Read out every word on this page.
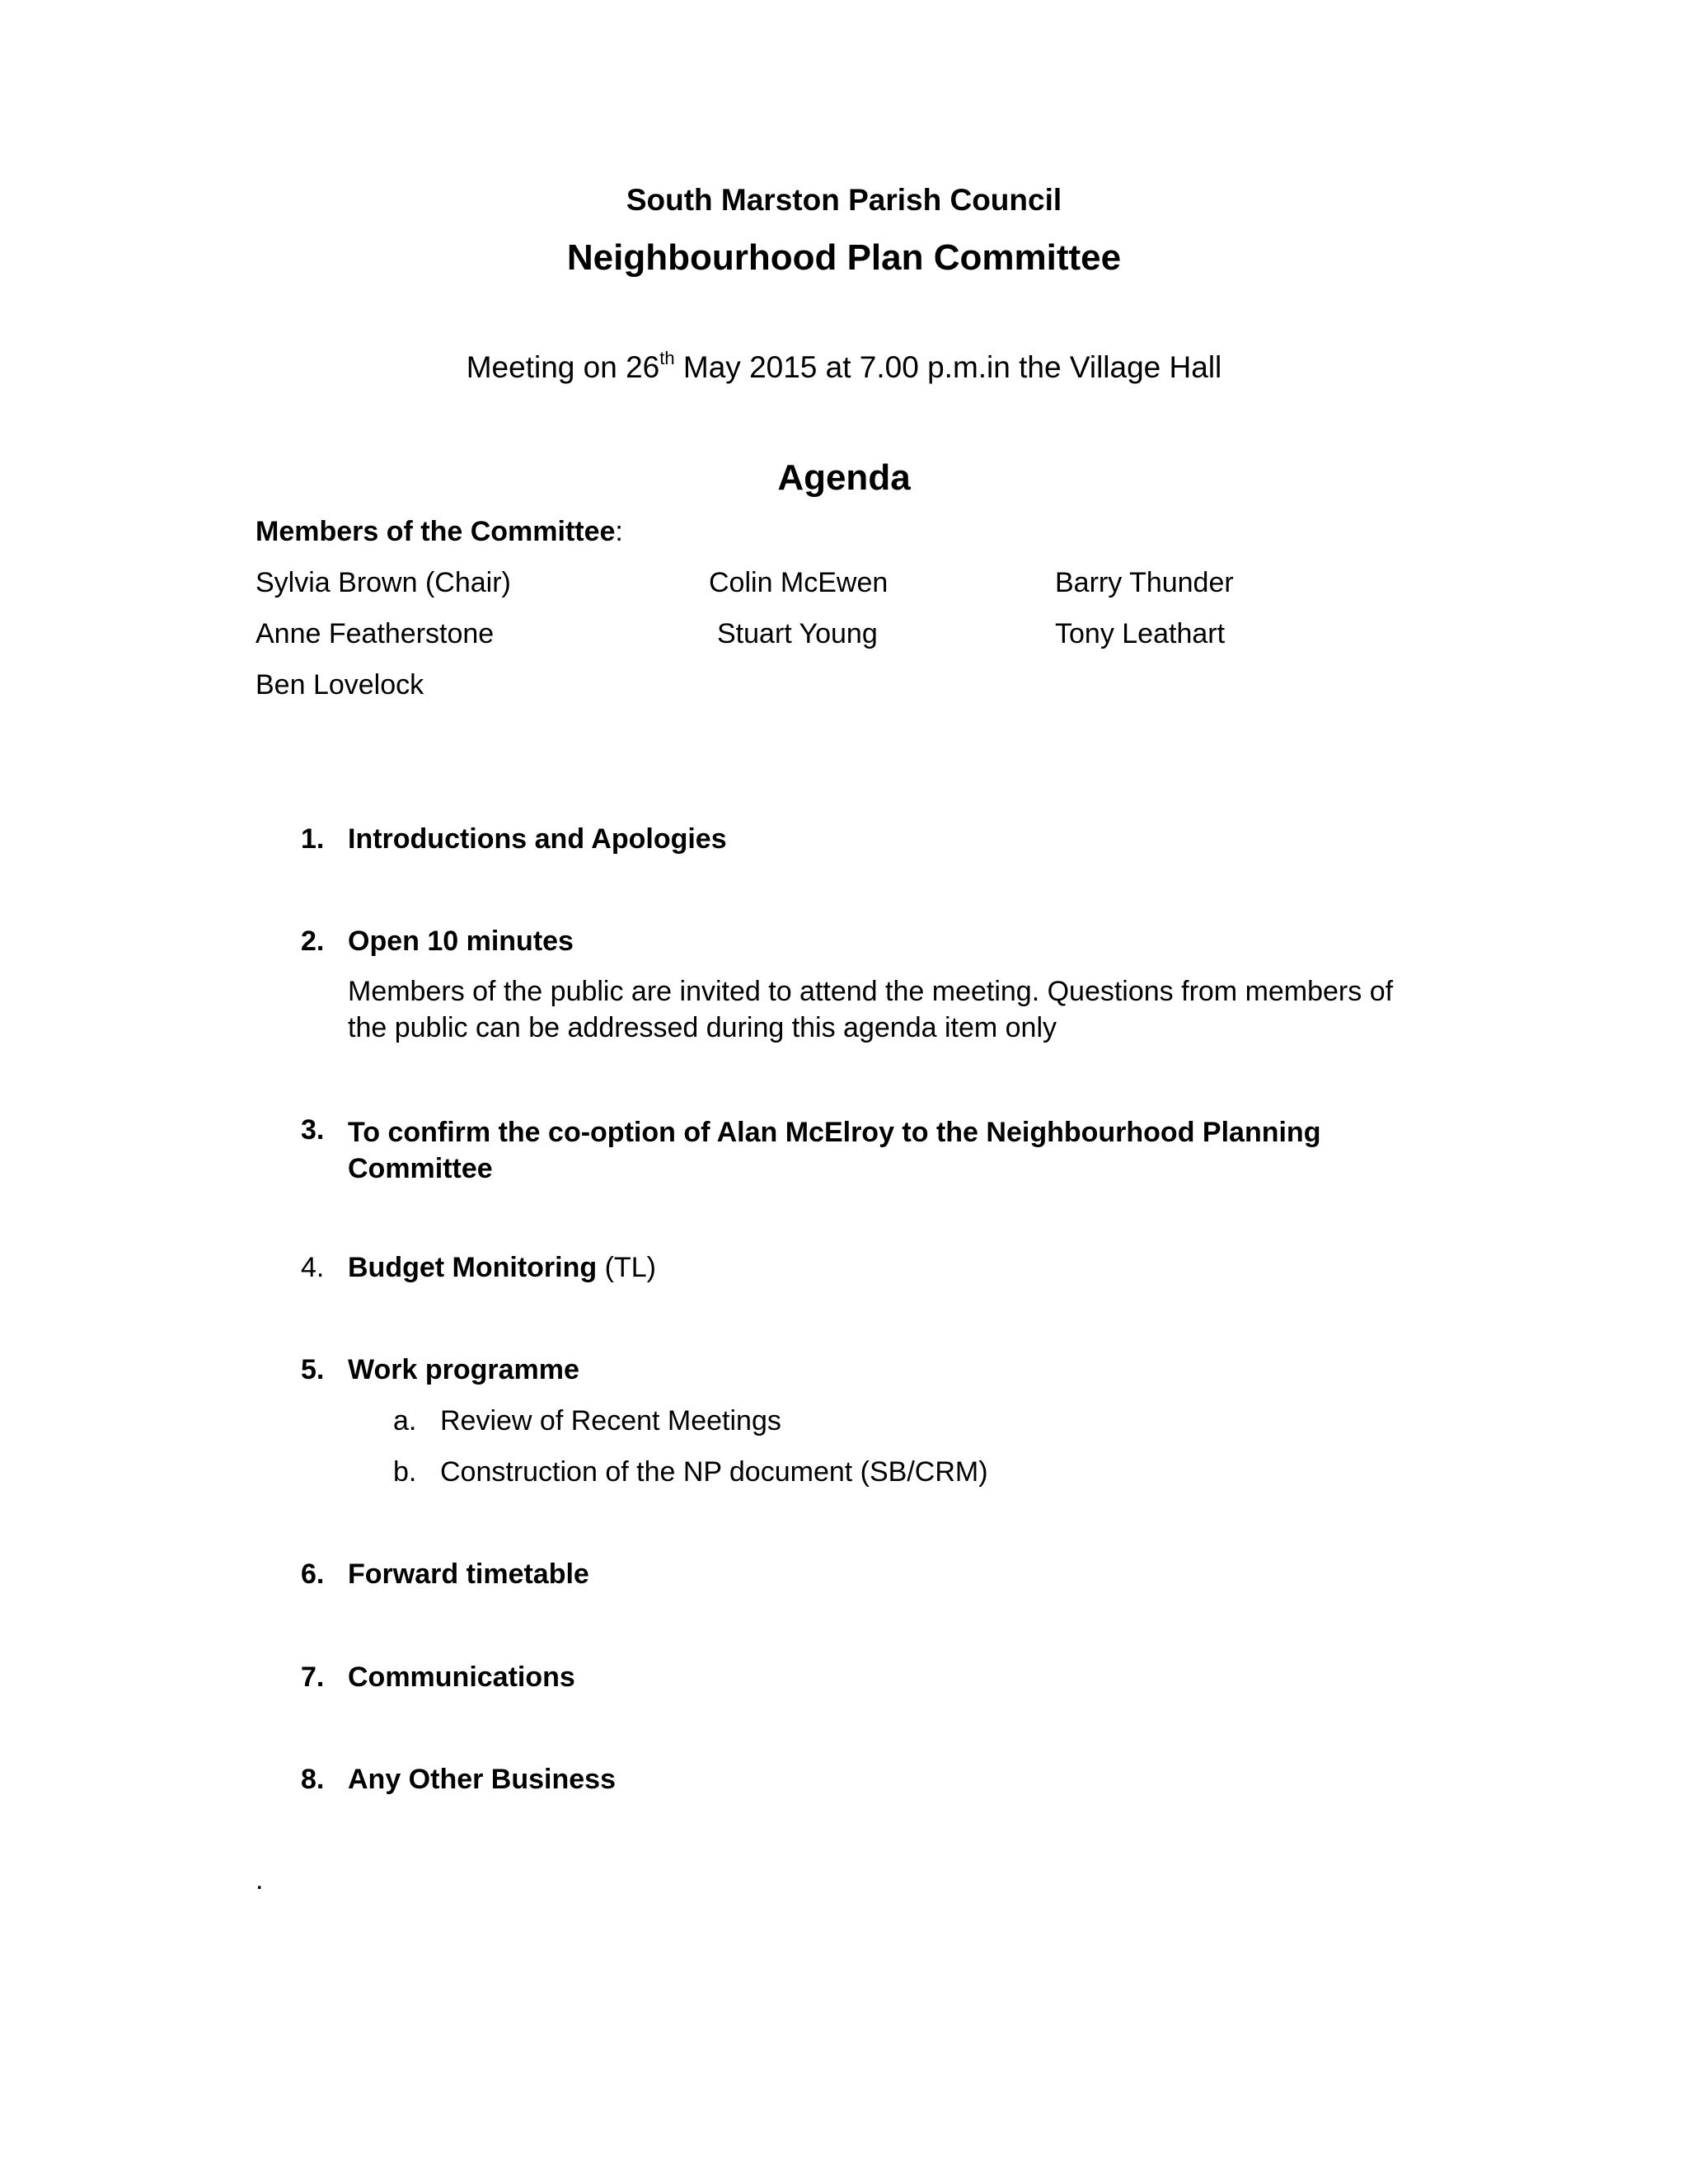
South Marston Parish Council
Neighbourhood Plan Committee
Meeting on 26th May 2015 at 7.00 p.m.in the Village Hall
Agenda
Members of the Committee:
Sylvia Brown (Chair)	Colin McEwen	Barry Thunder
Anne Featherstone	Stuart Young	Tony Leathart
Ben Lovelock
1. Introductions and Apologies
2. Open 10 minutes
Members of the public are invited to attend the meeting. Questions from members of
the public can be addressed during this agenda item only
3. To confirm the co-option of Alan McElroy to the Neighbourhood Planning
Committee
4. Budget Monitoring (TL)
5. Work programme
a. Review of Recent Meetings
b. Construction of the NP document (SB/CRM)
6. Forward timetable
7. Communications
8. Any Other Business
.
